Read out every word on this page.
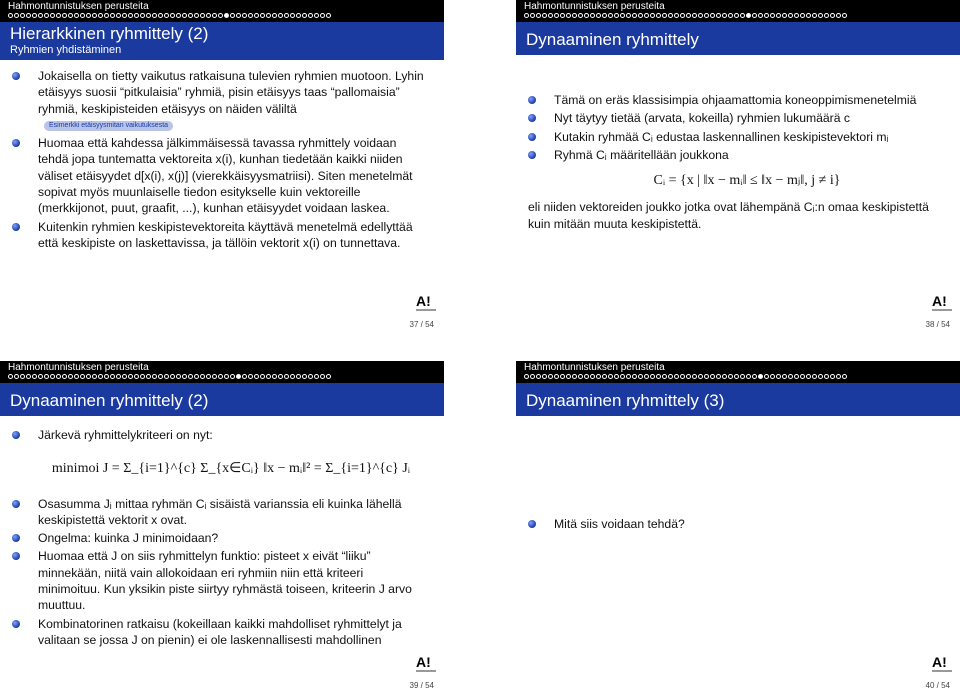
Hahmontunnistuksen perusteita
Hierarkkinen ryhmittely (2)
Ryhmien yhdistäminen
Jokaisella on tietty vaikutus ratkaisuna tulevien ryhmien muotoon. Lyhin etäisyys suosii “pitkulaisia” ryhmiä, pisin etäisyys taas “pallomaisia” ryhmiä, keskipisteiden etäisyys on näiden väliltä Esimerkki etäisyysmitan vaikutuksesta
Huomaa että kahdessa jälkimmäisessä tavassa ryhmittely voidaan tehdä jopa tuntematta vektoreita x(i), kunhan tiedetään kaikki niiden väliset etäisyydet d[x(i), x(j)] (vierekkäisyysmatriisi). Siten menetelmät sopivat myös muunlaiselle tiedon esitykselle kuin vektoreille (merkkijonot, puut, graafit, ...), kunhan etäisyydet voidaan laskea.
Kuitenkin ryhmien keskipistevektoreita käyttävä menetelmä edellyttää että keskipiste on laskettavissa, ja tällöin vektorit x(i) on tunnettava.
A!
37 / 54
Hahmontunnistuksen perusteita
Dynaaminen ryhmittely
Tämä on eräs klassisimpia ohjaamattomia koneoppimismenetelmiä
Nyt täytyy tietää (arvata, kokeilla) ryhmien lukumäärä c
Kutakin ryhmää Cᵢ edustaa laskennallinen keskipistevektori mᵢ
Ryhmä Cᵢ määritellään joukkona
Cᵢ = {x | ‖x − mᵢ‖ ≤ ‖x − mⱼ‖, j ≠ i}
eli niiden vektoreiden joukko jotka ovat lähempänä Cᵢ:n omaa keskipistettä kuin mitään muuta keskipistettä.
A!
38 / 54
Hahmontunnistuksen perusteita
Dynaaminen ryhmittely (2)
Järkevä ryhmittelykriteeri on nyt:
minimoi J = Σ_{i=1}^{c} Σ_{x∈Cᵢ} ‖x − mᵢ‖² = Σ_{i=1}^{c} Jᵢ
Osasumma Jᵢ mittaa ryhmän Cᵢ sisäistä varianssia eli kuinka lähellä keskipistettä vektorit x ovat.
Ongelma: kuinka J minimoidaan?
Huomaa että J on siis ryhmittelyn funktio: pisteet x eivät “liiku” minnekään, niitä vain allokoidaan eri ryhmiin niin että kriteeri minimoituu. Kun yksikin piste siirtyy ryhmästä toiseen, kriteerin J arvo muuttuu.
Kombinatorinen ratkaisu (kokeillaan kaikki mahdolliset ryhmittelyt ja valitaan se jossa J on pienin) ei ole laskennallisesti mahdollinen
A!
39 / 54
Hahmontunnistuksen perusteita
Dynaaminen ryhmittely (3)
Mitä siis voidaan tehdä?
A!
40 / 54
